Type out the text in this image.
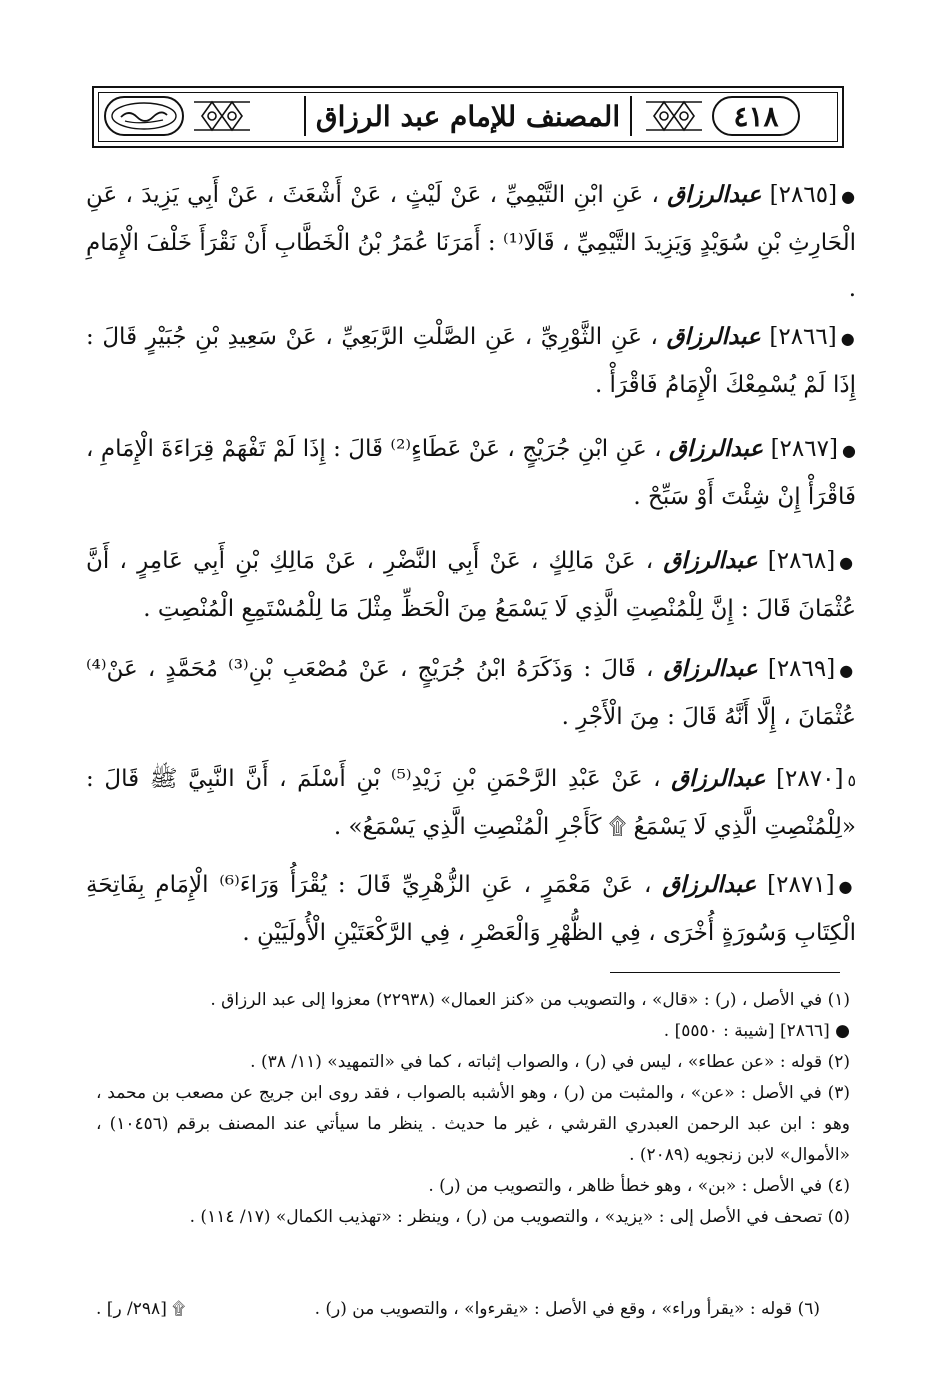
٤١٨
المصنف للإمام عبد الرزاق

●[٢٨٦٥] عبدالرزاق ، عَنِ ابْنِ التَّيْمِيِّ ، عَنْ لَيْثٍ ، عَنْ أَشْعَثَ ، عَنْ أَبِي يَزِيدَ ، عَنِ الْحَارِثِ بْنِ سُوَيْدٍ وَيَزِيدَ التَّيْمِيِّ ، قَالَا⁽¹⁾ : أَمَرَنَا عُمَرُ بْنُ الْخَطَّابِ أَنْ نَقْرَأَ خَلْفَ الْإِمَامِ .

●[٢٨٦٦] عبدالرزاق ، عَنِ الثَّوْرِيِّ ، عَنِ الصَّلْتِ الرَّبَعِيِّ ، عَنْ سَعِيدِ بْنِ جُبَيْرٍ قَالَ : إِذَا لَمْ يُسْمِعْكَ الْإِمَامُ فَاقْرَأْ .

●[٢٨٦٧] عبدالرزاق ، عَنِ ابْنِ جُرَيْجٍ ، عَنْ عَطَاءٍ⁽²⁾ قَالَ : إِذَا لَمْ تَفْهَمْ قِرَاءَةَ الْإِمَامِ ، فَاقْرَأْ إِنْ شِئْتَ أَوْ سَبِّحْ .

●[٢٨٦٨] عبدالرزاق ، عَنْ مَالِكٍ ، عَنْ أَبِي النَّضْرِ ، عَنْ مَالِكِ بْنِ أَبِي عَامِرٍ ، أَنَّ عُثْمَانَ قَالَ : إِنَّ لِلْمُنْصِتِ الَّذِي لَا يَسْمَعُ مِنَ الْحَظِّ مِثْلَ مَا لِلْمُسْتَمِعِ الْمُنْصِتِ .

●[٢٨٦٩] عبدالرزاق ، قَالَ : وَذَكَرَهُ ابْنُ جُرَيْجٍ ، عَنْ مُصْعَبِ بْنِ⁽³⁾ مُحَمَّدٍ ، عَنْ⁽⁴⁾ عُثْمَانَ ، إِلَّا أَنَّهُ قَالَ : مِنَ الْأَجْرِ .

٥[٢٨٧٠] عبدالرزاق ، عَنْ عَبْدِ الرَّحْمَنِ بْنِ زَيْدِ⁽⁵⁾ بْنِ أَسْلَمَ ، أَنَّ النَّبِيَّ ﷺ قَالَ : «لِلْمُنْصِتِ الَّذِي لَا يَسْمَعُ ۩ كَأَجْرِ الْمُنْصِتِ الَّذِي يَسْمَعُ» .

●[٢٨٧١] عبدالرزاق ، عَنْ مَعْمَرٍ ، عَنِ الزُّهْرِيِّ قَالَ : يُقْرَأُ وَرَاءَ⁽⁶⁾ الْإِمَامِ بِفَاتِحَةِ الْكِتَابِ وَسُورَةٍ أُخْرَى ، فِي الظُّهْرِ وَالْعَصْرِ ، فِي الرَّكْعَتَيْنِ الْأُولَيَيْنِ .

(١) في الأصل ، (ر) : «قال» ، والتصويب من «كنز العمال» (٢٢٩٣٨) معزوا إلى عبد الرزاق .

● [٢٨٦٦] [شيبة : ٥٥٥٠] .

(٢) قوله : «عن عطاء» ، ليس في (ر) ، والصواب إثباته ، كما في «التمهيد» (١١/ ٣٨) .

(٣) في الأصل : «عن» ، والمثبت من (ر) ، وهو الأشبه بالصواب ، فقد روى ابن جريج عن مصعب بن محمد ، وهو : ابن عبد الرحمن العبدري القرشي ، غير ما حديث . ينظر ما سيأتي عند المصنف برقم (١٠٤٥٦) ، «الأموال» لابن زنجويه (٢٠٨٩) .

(٤) في الأصل : «بن» ، وهو خطأ ظاهر ، والتصويب من (ر) .

(٥) تصحف في الأصل إلى : «يزيد» ، والتصويب من (ر) ، وينظر : «تهذيب الكمال» (١٧/ ١١٤) .

(٦) قوله : «يقرأ وراء» ، وقع في الأصل : «يقرءوا» ، والتصويب من (ر) .
۩ [٢٩٨/ ر] .
